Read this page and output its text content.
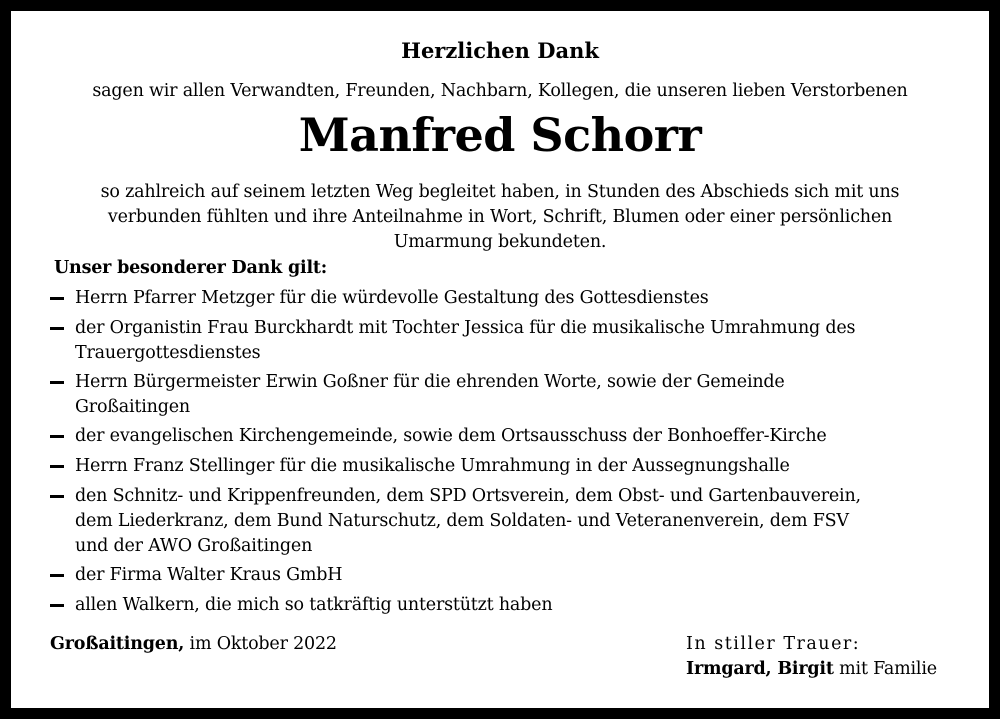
Herzlichen Dank
sagen wir allen Verwandten, Freunden, Nachbarn, Kollegen, die unseren lieben Verstorbenen
Manfred Schorr
so zahlreich auf seinem letzten Weg begleitet haben, in Stunden des Abschieds sich mit uns
verbunden fühlten und ihre Anteilnahme in Wort, Schrift, Blumen oder einer persönlichen
Umarmung bekundeten.
Unser besonderer Dank gilt:
Herrn Pfarrer Metzger für die würdevolle Gestaltung des Gottesdienstes
der Organistin Frau Burckhardt mit Tochter Jessica für die musikalische Umrahmung des
Trauergottesdienstes
Herrn Bürgermeister Erwin Goßner für die ehrenden Worte, sowie der Gemeinde
Großaitingen
der evangelischen Kirchengemeinde, sowie dem Ortsausschuss der Bonhoeffer-Kirche
Herrn Franz Stellinger für die musikalische Umrahmung in der Aussegnungshalle
den Schnitz- und Krippenfreunden, dem SPD Ortsverein, dem Obst- und Gartenbauverein,
dem Liederkranz, dem Bund Naturschutz, dem Soldaten- und Veteranenverein, dem FSV
und der AWO Großaitingen
der Firma Walter Kraus GmbH
allen Walkern, die mich so tatkräftig unterstützt haben
Großaitingen, im Oktober 2022	In stiller Trauer:
Irmgard, Birgit mit Familie
